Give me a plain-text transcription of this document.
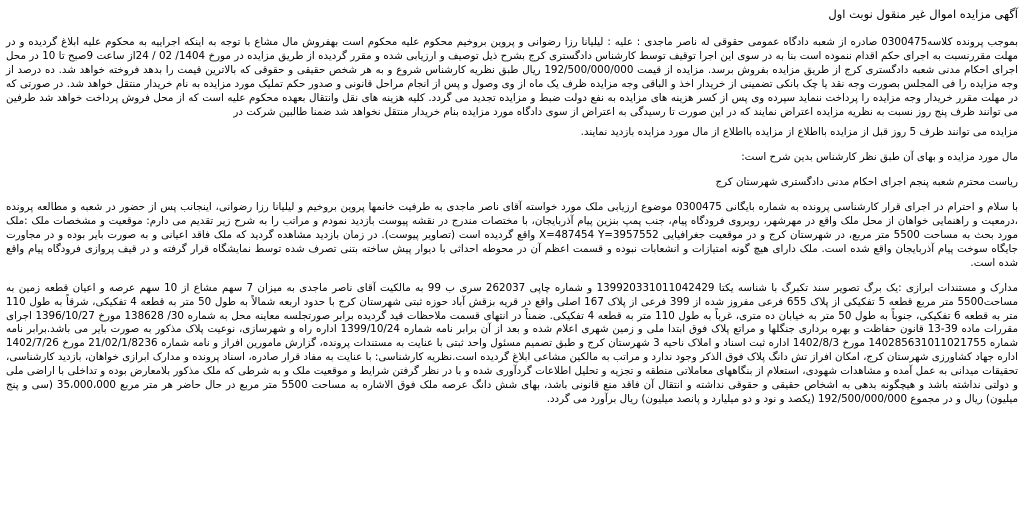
آگهی مزایده اموال غیر منقول نوبت اول

بموجب پرونده کلاسه0300475 صادره از شعبه دادگاه عمومی حقوقی له ناصر ماجدی : علیه : لیلیانا رزا رضوانی و پروین بروخیم محکوم علیه محکوم است بهفروش مال مشاع با توجه به اینکه اجراییه به محکوم علیه ابلاغ گردیده و در مهلت مقررنسبت به اجرای حکم اقدام ننموده است بنا به در سوی این اجرا توقیف توسط کارشناس دادگستری کرج بشرح ذیل توصیف و ارزیابی شده و مقرر گردیده از طریق مزایده در مورخ 1404/ 02 / 24از ساعت 9صبح تا 10 در محل اجرای احکام مدنی شعبه دادگستری کرج از طریق مزایده بفروش برسد. مزایده از قیمت 192/500/000/000 ریال طبق نظریه کارشناس شروع و به هر شخص حقیقی و حقوقی که بالاترین قیمت را بدهد فروخته خواهد شد. ده درصد از وجه مزایده را فی المجلس بصورت وجه نقد یا چک بانکی تضمینی از خریدار اخذ و الباقی وجه مزایده ظرف یک ماه از وی وصول و پس از انجام مراحل قانونی و صدور حکم تملیک مورد مزایده به نام خریدار منتقل خواهد شد. در صورتی که در مهلت مقرر خریدار وجه مزایده را پرداخت ننماید سپرده وی پس از کسر هزینه های مزایده به نفع دولت ضبط و مزایده تجدید می گردد. کلیه هزینه های نقل وانتقال بعهده محکوم علیه است که از محل فروش پرداخت خواهد شد طرفین می توانند ظرف پنج روز نسبت به نظریه مزایده اعتراض نمایند که در این صورت تا رسیدگی به اعتراض از سوی دادگاه مورد مزایده بنام خریدار منتقل نخواهد شد ضمنا طالبین شرکت در

مزایده می توانند ظرف 5 روز قبل از مزایده بااطلاع از مزایده بااطلاع از مال مورد مزایده بازدید نمایند.

مال مورد مزایده و بهای آن طبق نظر کارشناس بدین شرح است:

ریاست محترم شعبه پنجم اجرای احکام مدنی دادگستری شهرستان کرج

با سلام و احترام در اجرای قرار کارشناسی پرونده به شماره بایگانی 0300475 موضوع ارزیابی ملک مورد خواسته آقای ناصر ماجدی به طرفیت خانمها پروین بروخیم و لیلیانا رزا رضوانی، اینجانب پس از حضور در شعبه و مطالعه پرونده ،درمعیت و راهنمایی خواهان از محل ملک واقع در مهرشهر، روبروی فرودگاه پیام، جنب پمپ بنزین پیام آذربایجان، با مختصات مندرج در نقشه پیوست بازدید نمودم و مراتب را به شرح زیر تقدیم می دارم: موقعیت و مشخصات ملک :ملک مورد بحث به مساحت 5500 متر مربع، در شهرستان کرج و در موقعیت جغرافیایی X=487454 Y=3957552 واقع گردیده است (تصاویر پیوست). در زمان بازدید مشاهده گردید که ملک فاقد اعیانی و به صورت بایر بوده و در مجاورت جایگاه سوخت پیام آذربایجان واقع شده است. ملک دارای هیچ گونه امتیازات و انشعابات نبوده و قسمت اعظم آن در محوطه احداثی با دیوار پیش ساخته بتنی تصرف شده توسط نمایشگاه قرار گرفته و در قیف پروازی فرودگاه پیام واقع شده است.

مدارک و مستندات ابرازی :یک برگ تصویر سند تکبرگ با شناسه یکتا 139920331011042429 و شماره چاپی 262037 سری ب 99 به مالکیت آقای ناصر ماجدی به میزان 7 سهم مشاع از 10 سهم عرصه و اعیان قطعه زمین به مساحت5500 متر مربع قطعه 5 تفکیکی از پلاک 655 فرعی مفروز شده از 399 فرعی از پلاک 167 اصلی واقع در قریه بزقش آباد حوزه ثبتی شهرستان کرج با حدود اربعه شمالاً به طول 50 متر به قطعه 4 تفکیکی، شرقاً به طول 110 متر به قطعه 6 تفکیکی، جنوباً به طول 50 متر به خیابان ده متری، غرباً به طول 110 متر به قطعه 4 تفکیکی. ضمناً در انتهای قسمت ملاحظات قید گردیده برابر صورتجلسه معاینه محل به شماره 30/ 138628 مورخ 1396/10/27 اجرای مقررات ماده 39-13 قانون حفاظت و بهره برداری جنگلها و مراتع پلاک فوق ابتدا ملی و زمین شهری اعلام شده و بعد از آن برابر نامه شماره 1399/10/24 اداره راه و شهرسازی، نوعیت پلاک مذکور به صورت بایر می باشد.برابر نامه شماره 140285631011021755 مورخ 1402/8/3 اداره ثبت اسناد و املاک ناحیه 3 شهرستان کرج و طبق تصمیم مسئول واحد ثبتی با عنایت به مستندات پرونده، گزارش مامورین افراز و نامه شماره 21/02/1/8236 مورخ 1402/7/26 اداره جهاد کشاورزی شهرستان کرج، امکان افراز تش دانگ پلاک فوق الذکر وجود ندارد و مراتب به مالکین مشاعی ابلاغ گردیده است.نظریه کارشناسی: با عنایت به مفاد قرار صادره، اسناد پرونده و مدارک ابرازی خواهان، بازدید کارشناسی، تحقیقات میدانی به عمل آمده و مشاهدات شهودی، استعلام از بنگاههای معاملاتی منطقه و تجزیه و تحلیل اطلاعات گردآوری شده و با در نظر گرفتن شرایط و موقعیت ملک و به شرطی که ملک مذکور بلامعارض بوده و تداخلی با اراضی ملی و دولتی نداشته باشد و هیچگونه بدهی به اشخاص حقیقی و حقوقی نداشته و انتقال آن فاقد منع قانونی باشد، بهای شش دانگ عرصه ملک فوق الاشاره به مساحت 5500 متر مربع در حال حاضر هر متر مربع 35،000،000 (سی و پنج میلیون) ریال و در مجموع 192/500/000/000 (یکصد و نود و دو میلیارد و پانصد میلیون) ریال برآورد می گردد.
